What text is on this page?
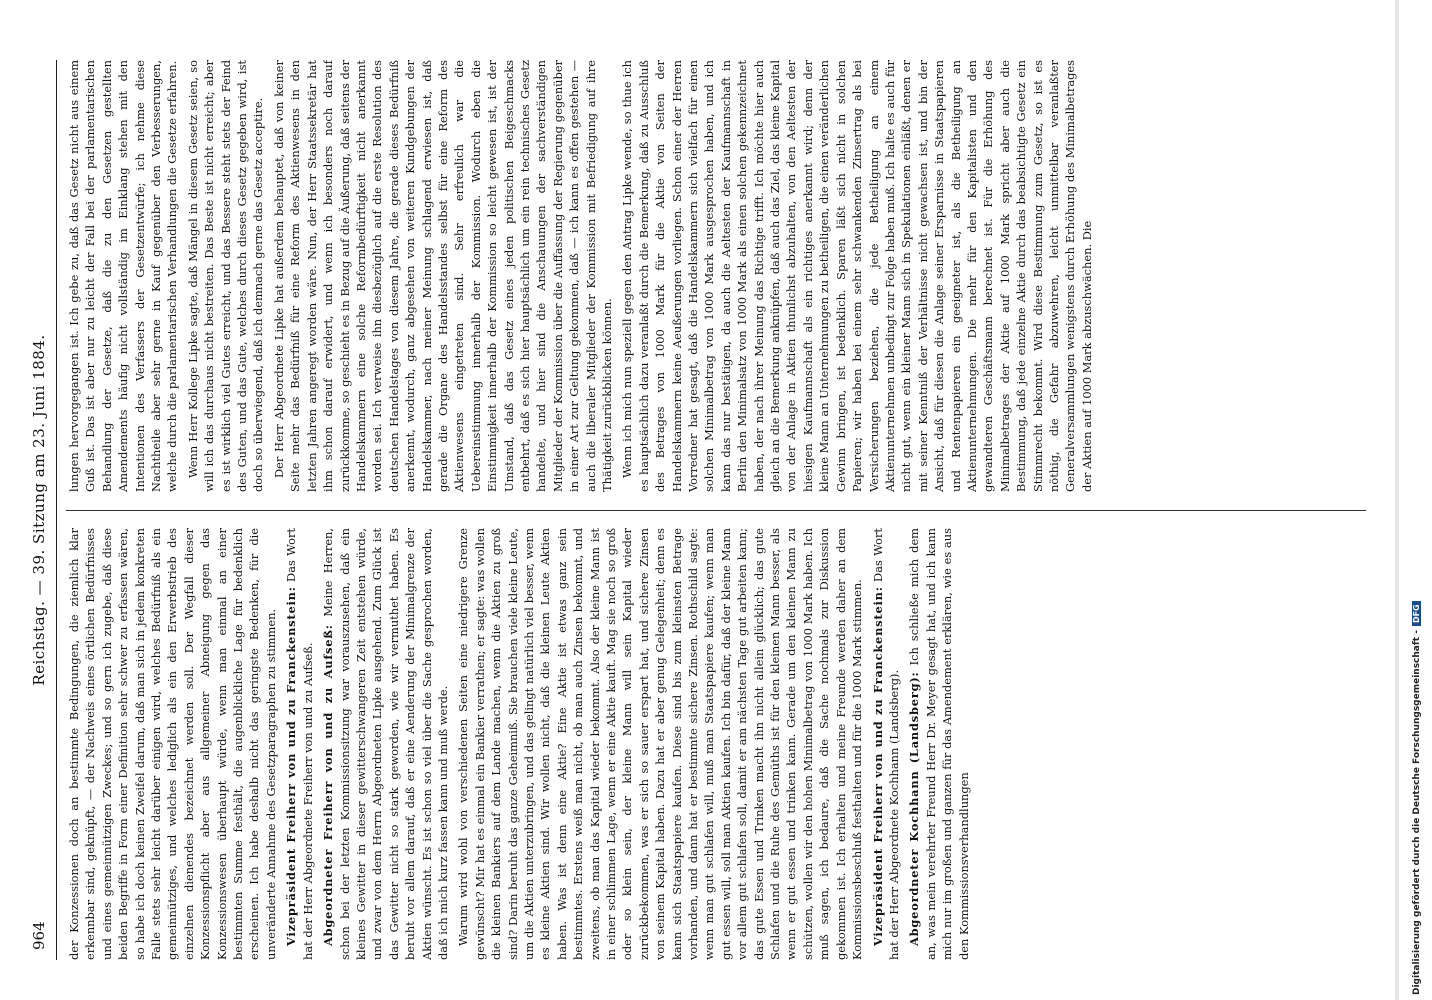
964
Reichstag. — 39. Sitzung am 23. Juni 1884.

der Konzessionen doch an bestimmte Bedingungen, die ziemlich klar erkennbar sind, geknüpft, — der Nachweis eines örtlichen Bedürfnisses und eines gemeinnützigen Zweckes; und so gern ich zugebe, daß diese beiden Begriffe in Form einer Definition sehr schwer zu erfassen wären, so habe ich doch keinen Zweifel darum, daß man sich in jedem konkreten Falle stets sehr leicht darüber einigen wird, welches Bedürfniß als ein gemeinnütziges, und welches lediglich als ein den Erwerbstrieb des einzelnen dienendes bezeichnet werden soll. Der Wegfall dieser Konzessionspflicht aber aus allgemeiner Abneigung gegen das Konzessionswesen überhaupt würde, wenn man einmal an einer bestimmten Summe festhält, die augenblickliche Lage für bedenklich erscheinen. Ich habe deshalb nicht das geringste Bedenken, für die unveränderte Annahme des Gesetzparagraphen zu stimmen. Vizepräsident Freiherr von und zu Franckenstein: Das Wort hat der Herr Abgeordnete Freiherr von und zu Aufseß. Abgeordneter Freiherr von und zu Aufseß: Meine Herren, schon bei der letzten Kommissionsitzung war vorauszusehen, daß ein kleines Gewitter in dieser gewitterschwangeren Zeit entstehen würde, und zwar von dem Herrn Abgeordneten Lipke ausgehend. Zum Glück ist das Gewitter nicht so stark geworden, wie wir vermuthet haben. Es beruht vor allem darauf, daß er eine Aenderung der Minimalgrenze der Aktien wünscht. Es ist schon so viel über die Sache gesprochen worden, daß ich mich kurz fassen kann und muß werde. Warum wird wohl von verschiedenen Seiten eine niedrigere Grenze gewünscht? Mir hat es einmal ein Bankier verrathen; er sagte: was wollen die kleinen Bankiers auf dem Lande machen, wenn die Aktien zu groß sind? Darin beruht das ganze Geheimniß. Sie brauchen viele kleine Leute, um die Aktien unterzubringen, und das gelingt natürlich viel besser, wenn es kleine Aktien sind. Wir wollen nicht, daß die kleinen Leute Aktien haben. Was ist denn eine Aktie? Eine Aktie ist etwas ganz sein bestimmtes. Erstens weiß man nicht, ob man auch Zinsen bekommt, und zweitens, ob man das Kapital wieder bekommt. Also der kleine Mann ist in einer schlimmen Lage, wenn er eine Aktie kauft. Mag sie noch so groß oder so klein sein, der kleine Mann will sein Kapital wieder zurückbekommen, was er sich so sauer erspart hat, und sichere Zinsen von seinem Kapital haben. Dazu hat er aber genug Gelegenheit; denn es kann sich Staatspapiere kaufen. Diese sind bis zum kleinsten Betrage vorhanden, und dann hat er bestimmte sichere Zinsen. Rothschild sagte: wenn man gut schlafen will, muß man Staatspapiere kaufen; wenn man gut essen will, soll man Aktien kaufen. Ich bin dafür, daß der kleine Mann vor allem gut schlafen soll, damit er am nächsten Tage gut arbeiten kann; das gute Essen und Trinken macht ihn nicht allein glücklich; das gute Schlafen und die Ruhe des Gemüths ist für den kleinen Mann besser, als wenn er gut essen und trinken kann. Gerade um den kleinen Mann zu schützen, wollen wir den hohen Minimalbetrag von 1000 Mark haben. Ich muß sagen, ich bedaure, daß die Sache nochmals zur Diskussion gekommen ist. Ich erhalten und meine Freunde werden daher an dem Kommissionsbeschluß festhalten und für die 1000 Mark stimmen. Vizepräsident Freiherr von und zu Franckenstein: Das Wort hat der Herr Abgeordnete Kochhann (Landsberg). Abgeordneter Kochhann (Landsberg): Ich schließe mich dem an, was mein verehrter Freund Herr Dr. Meyer gesagt hat, und ich kann mich nur im großen und ganzen für das Amendement erklären, wie es aus den Kommissionsverhandlungen

lungen hervorgegangen ist. Ich gebe zu, daß das Gesetz nicht aus einem Guß ist. Das ist aber nur zu leicht der Fall bei der parlamentarischen Behandlung der Gesetze, daß die zu den Gesetzen gestellten Amendements häufig nicht vollständig im Einklang stehen mit den Intentionen des Verfassers der Gesetzentwürfe; ich nehme diese Nachtheile aber sehr gerne in Kauf gegenüber den Verbesserungen, welche durch die parlamentarischen Verhandlungen die Gesetze erfahren. Wenn Herr Kollege Lipke sagte, daß Mängel in diesem Gesetz seien, so will ich das durchaus nicht bestreiten. Das Beste ist nicht erreicht; aber es ist wirklich viel Gutes erreicht, und das Bessere steht stets der Feind des Guten, und das Gute, welches durch dieses Gesetz gegeben wird, ist doch so überwiegend, daß ich demnach gerne das Gesetz acceptire. Der Herr Abgeordnete Lipke hat außerdem behauptet, daß von keiner Seite mehr das Bedürfniß für eine Reform des Aktienwesens in den letzten Jahren angeregt worden wäre. Nun, der Herr Staatssekretär hat ihm schon darauf erwidert, und wenn ich besonders noch darauf zurückkomme, so geschieht es in Bezug auf die Äußerung, daß seitens der Handelskammern eine solche Reformbedürftigkeit nicht anerkannt worden sei. Ich verweise ihn diesbezüglich auf die erste Resolution des deutschen Handelstages von diesem Jahre, die gerade dieses Bedürfniß anerkennt, wodurch, ganz abgesehen von weiteren Kundgebungen der Handelskammer, nach meiner Meinung schlagend erwiesen ist, daß gerade die Organe des Handelsstandes selbst für eine Reform des Aktienwesens eingetreten sind. Sehr erfreulich war die Uebereinstimmung innerhalb der Kommission. Wodurch eben die Einstimmigkeit innerhalb der Kommission so leicht gewesen ist, ist der Umstand, daß das Gesetz eines jeden politischen Beigeschmacks entbehrt, daß es sich hier hauptsächlich um ein rein technisches Gesetz handelte, und hier sind die Anschauungen der sachverständigen Mitglieder der Kommission über die Auffassung der Regierung gegenüber in einer Art zur Geltung gekommen, daß — ich kann es offen gestehen — auch die liberaler Mitglieder der Kommission mit Befriedigung auf ihre Thätigkeit zurückblicken können. Wenn ich mich nun speziell gegen den Antrag Lipke wende, so thue ich es hauptsächlich dazu veranlaßt durch die Bemerkung, daß zu Ausschluß des Betrages von 1000 Mark für die Aktie von Seiten der Handelskammern keine Aeußerungen vorliegen. Schon einer der Herren Vorredner hat gesagt, daß die Handelskammern sich vielfach für einen solchen Minimalbetrag von 1000 Mark ausgesprochen haben, und ich kann das nur bestätigen, da auch die Aeltesten der Kaufmannschaft in Berlin den Minimalsatz von 1000 Mark als einen solchen gekennzeichnet haben, der nach ihrer Meinung das Richtige trifft. Ich möchte hier auch gleich an die Bemerkung anknüpfen, daß auch das Ziel, das kleine Kapital von der Anlage in Aktien thunlichst abzuhalten, von den Aeltesten der hiesigen Kaufmannschaft als ein richtiges anerkannt wird; denn der kleine Mann an Unternehmungen zu betheiligen, die einen veränderlichen Gewinn bringen, ist bedenklich. Sparen läßt sich nicht in solchen Papieren; wir haben bei einem sehr schwankenden Zinsertrag als bei Versicherungen beziehen, die jede Betheiligung an einem Aktienunternehmen unbedingt zur Folge haben muß. Ich halte es auch für nicht gut, wenn ein kleiner Mann sich in Spekulationen einläßt, denen er mit seiner Kenntniß der Verhältnisse nicht gewachsen ist, und bin der Ansicht, daß für diesen die Anlage seiner Ersparnisse in Staatspapieren und Rentenpapieren ein geeigneter ist, als die Betheiligung an Aktienunternehmungen. Die mehr für den Kapitalisten und den gewandteren Geschäftsmann berechnet ist. Für die Erhöhung des Minimalbetrages der Aktie auf 1000 Mark spricht aber auch die Bestimmung, daß jede einzelne Aktie durch das beabsichtigte Gesetz ein Stimmrecht bekommt. Wird diese Bestimmung zum Gesetz, so ist es nöthig, die Gefahr abzuwehren, leicht unmittelbar veranlaßter Generalversammlungen wenigstens durch Erhöhung des Minimalbetrages der Aktien auf 1000 Mark abzuschwächen. Die

Digitalisierung gefördert durch die Deutsche Forschungsgemeinschaft -DFG
